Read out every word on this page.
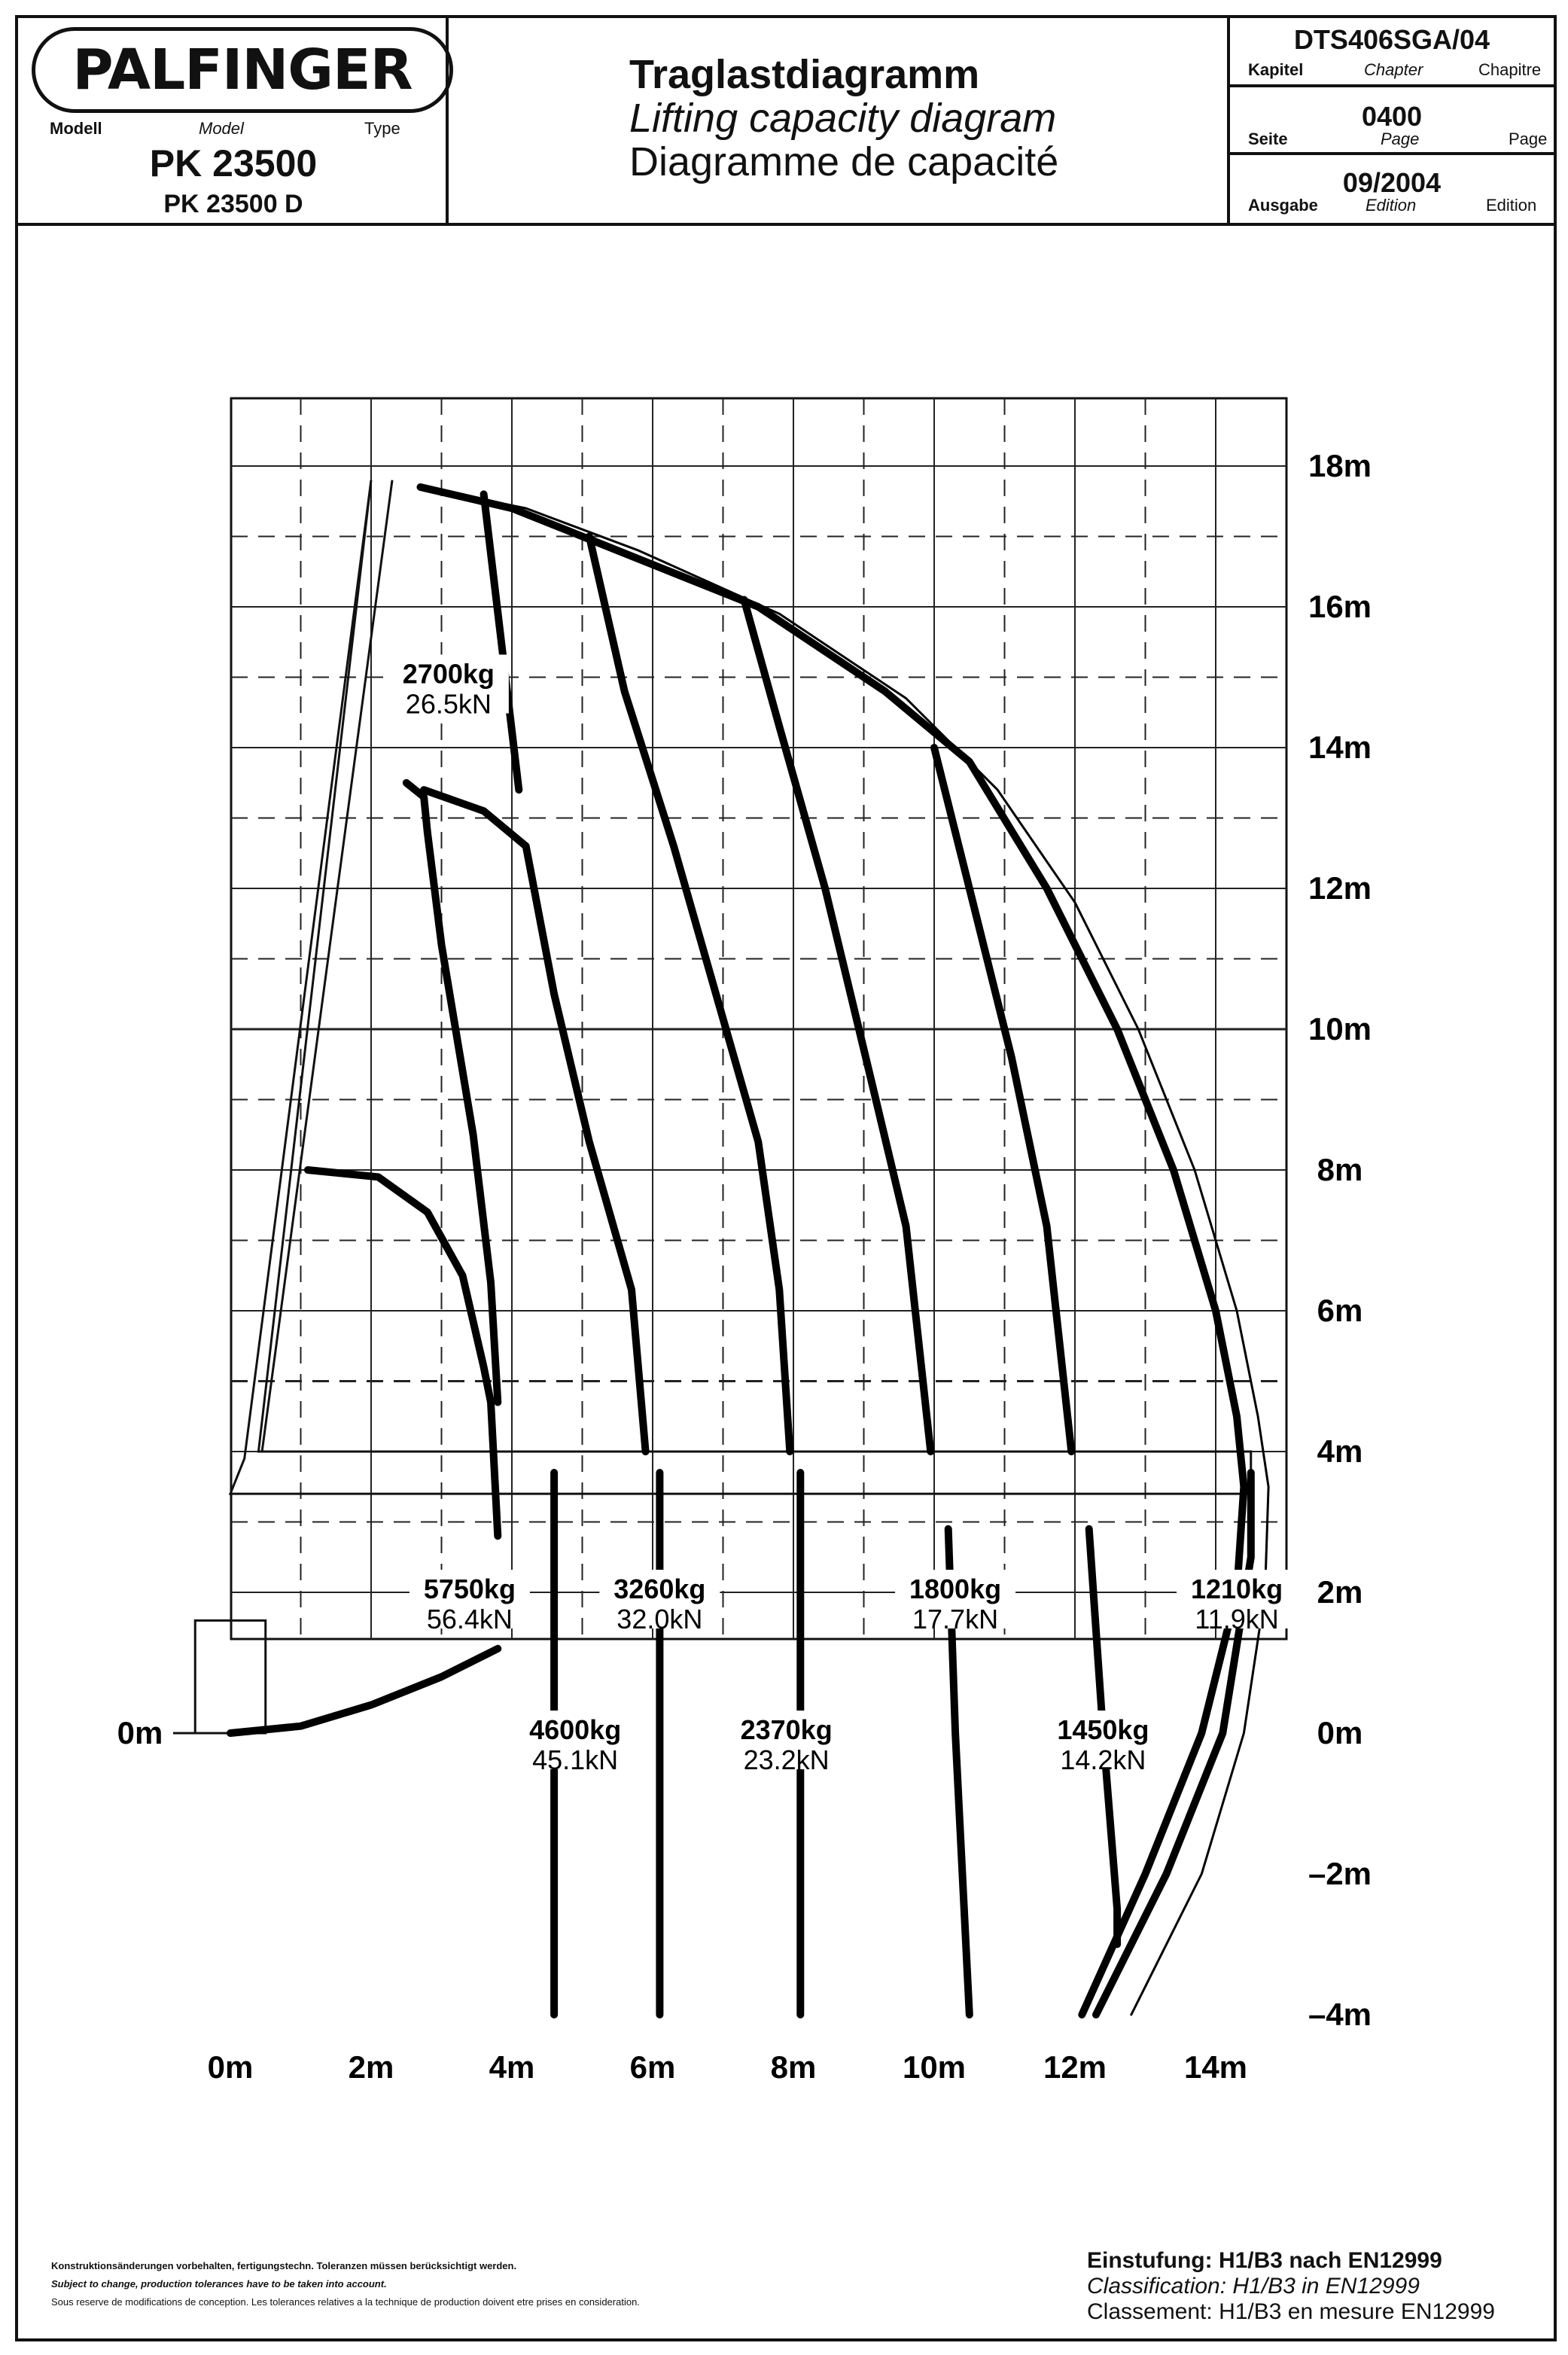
PALFINGER
Modell	Model	Type
PK 23500
PK 23500 D
Traglastdiagramm
Lifting capacity diagram
Diagramme de capacité
DTS406SGA/04
Kapitel	Chapter	Chapitre
0400
Seite	Page	Page
09/2004
Ausgabe	Edition	Edition
Konstruktionsänderungen vorbehalten, fertigungstechn. Toleranzen müssen berücksichtigt werden.
Subject to change, production tolerances have to be taken into account.
Sous reserve de modifications de conception. Les tolerances relatives a la technique de production doivent etre prises en consideration.
Einstufung: H1/B3 nach EN12999
Classification: H1/B3 in EN12999
Classement: H1/B3 en mesure EN12999
0m	2m	4m	6m	8m	10m 12m 14m
18m
16m
14m
12m
10m
8m
6m
4m
2m
0m
–2m
–4m
0m
2700kg
26.5kN
5750kg
56.4kN
4600kg
45.1kN
3260kg
32.0kN
2370kg
23.2kN
1800kg
17.7kN
1450kg
14.2kN
1210kg
11.9kN
